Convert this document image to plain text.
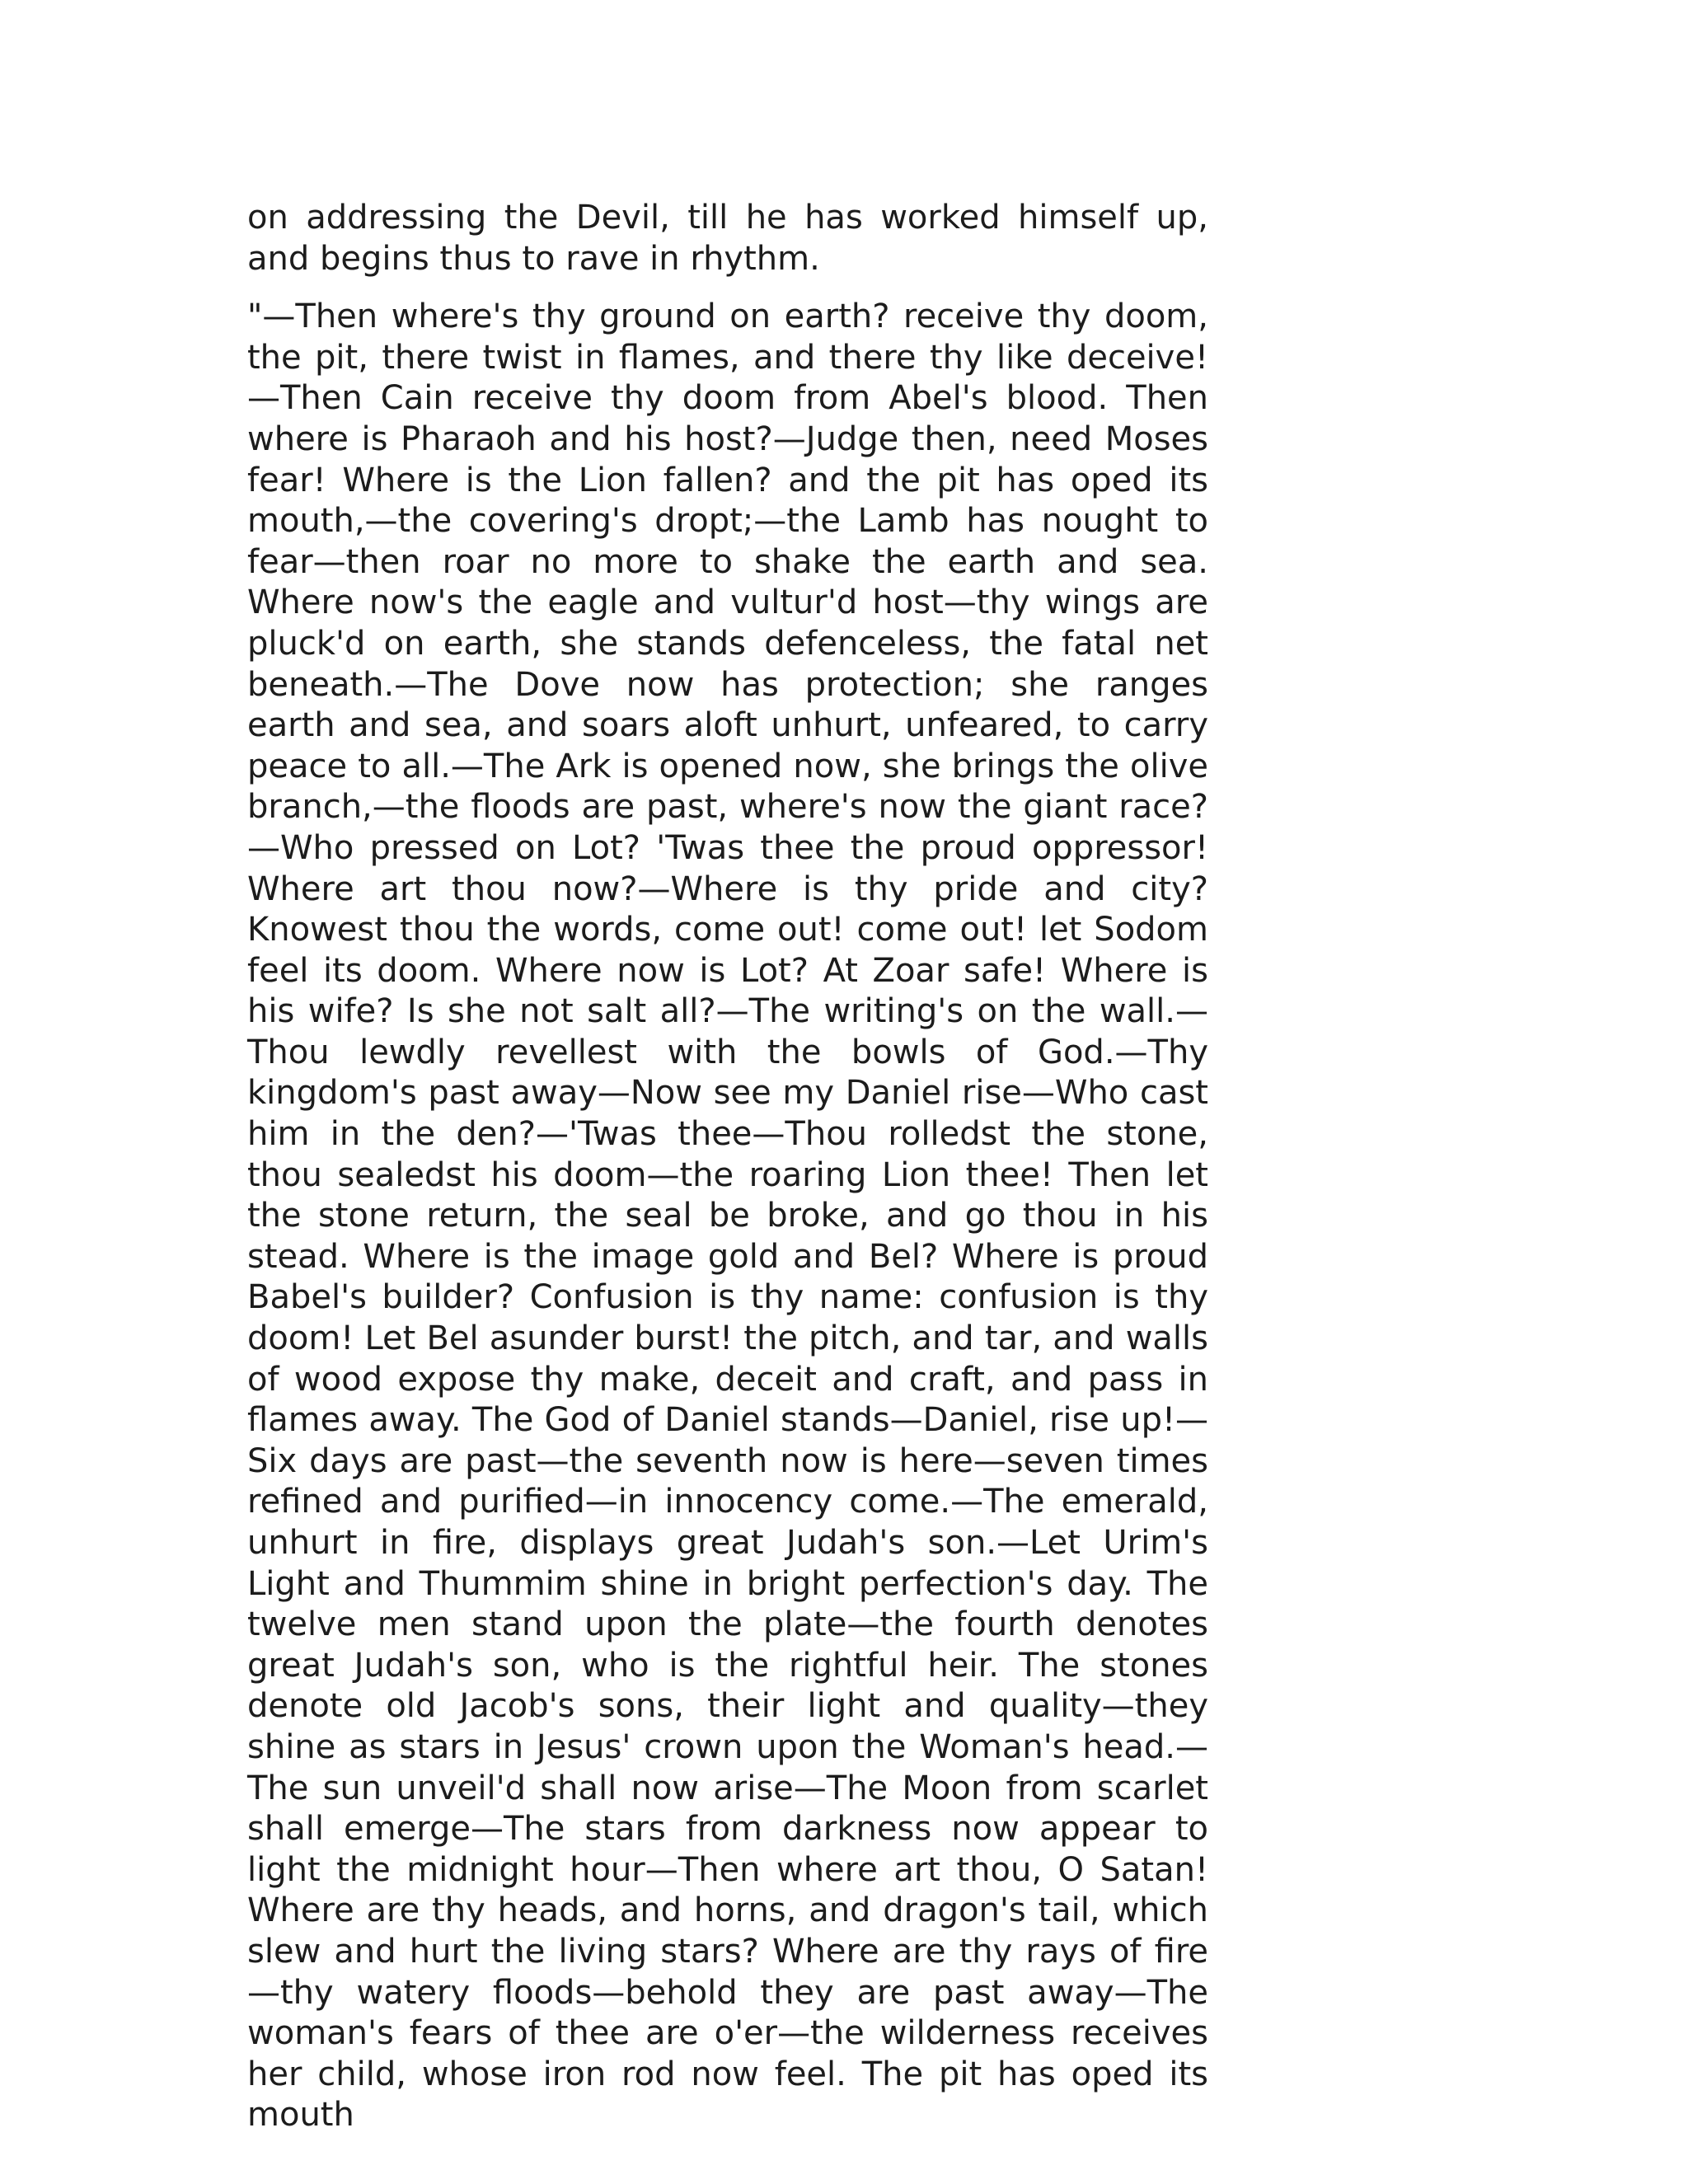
on addressing the Devil, till he has worked himself up, and begins thus to rave in rhythm.

"—Then where's thy ground on earth? receive thy doom, the pit, there twist in flames, and there thy like deceive!—Then Cain receive thy doom from Abel's blood. Then where is Pharaoh and his host?—Judge then, need Moses fear! Where is the Lion fallen? and the pit has oped its mouth,—the covering's dropt;—the Lamb has nought to fear—then roar no more to shake the earth and sea. Where now's the eagle and vultur'd host—thy wings are pluck'd on earth, she stands defenceless, the fatal net beneath.—The Dove now has protection; she ranges earth and sea, and soars aloft unhurt, unfeared, to carry peace to all.—The Ark is opened now, she brings the olive branch,—the floods are past, where's now the giant race?—Who pressed on Lot? 'Twas thee the proud oppressor! Where art thou now?—Where is thy pride and city? Knowest thou the words, come out! come out! let Sodom feel its doom. Where now is Lot? At Zoar safe! Where is his wife? Is she not salt all?—The writing's on the wall.—Thou lewdly revellest with the bowls of God.—Thy kingdom's past away—Now see my Daniel rise—Who cast him in the den?—'Twas thee—Thou rolledst the stone, thou sealedst his doom—the roaring Lion thee! Then let the stone return, the seal be broke, and go thou in his stead. Where is the image gold and Bel? Where is proud Babel's builder? Confusion is thy name: confusion is thy doom! Let Bel asunder burst! the pitch, and tar, and walls of wood expose thy make, deceit and craft, and pass in flames away. The God of Daniel stands—Daniel, rise up!—Six days are past—the seventh now is here—seven times refined and purified—in innocency come.—The emerald, unhurt in fire, displays great Judah's son.—Let Urim's Light and Thummim shine in bright perfection's day. The twelve men stand upon the plate—the fourth denotes great Judah's son, who is the rightful heir. The stones denote old Jacob's sons, their light and quality—they shine as stars in Jesus' crown upon the Woman's head.—The sun unveil'd shall now arise—The Moon from scarlet shall emerge—The stars from darkness now appear to light the midnight hour—Then where art thou, O Satan! Where are thy heads, and horns, and dragon's tail, which slew and hurt the living stars? Where are thy rays of fire—thy watery floods—behold they are past away—The woman's fears of thee are o'er—the wilderness receives her child, whose iron rod now feel. The pit has oped its mouth
